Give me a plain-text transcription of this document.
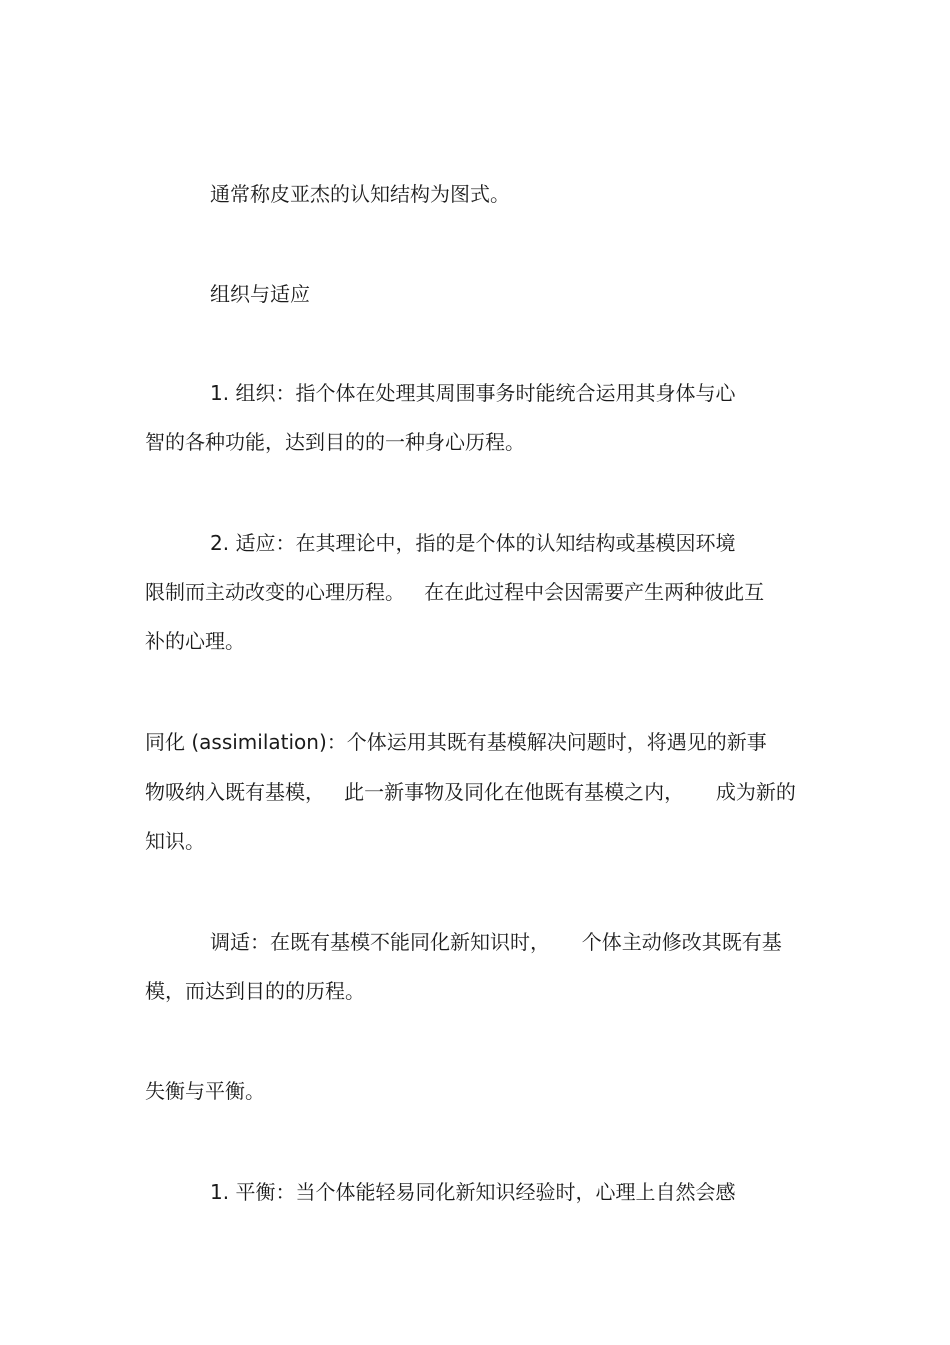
通常称皮亚杰的认知结构为图式。
组织与适应
1. 组织：指个体在处理其周围事务时能统合运用其身体与心
智的各种功能，达到目的的一种身心历程。
2. 适应：在其理论中，指的是个体的认知结构或基模因环境
限制而主动改变的心理历程。   在在此过程中会因需要产生两种彼此互
补的心理。
同化 (assimilation)：个体运用其既有基模解决问题时，将遇见的新事
物吸纳入既有基模，   此一新事物及同化在他既有基模之内，     成为新的
知识。
调适：在既有基模不能同化新知识时，     个体主动修改其既有基
模，而达到目的的历程。
失衡与平衡。
1. 平衡：当个体能轻易同化新知识经验时，心理上自然会感
